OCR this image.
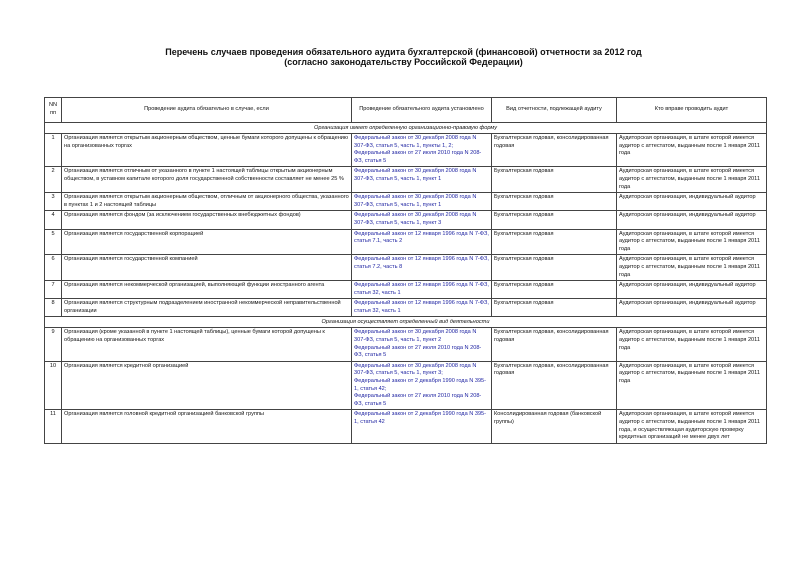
Перечень случаев проведения обязательного аудита бухгалтерской (финансовой) отчетности за 2012 год
(согласно законодательству Российской Федерации)
NN пп	Проведение аудита обязательно в случае, если	Проведение обязательного аудита установлено	Вид отчетности, подлежащей аудиту	Кто вправе проводить аудит
Организация имеет определенную организационно-правовую форму				
1	Организация является открытым акционерным обществом, ценные бумаги которого допущены к обращению на организованных торгах	Федеральный закон от 30 декабря 2008 года N 307-ФЗ, статья 5, часть 1, пункты 1, 2;
Федеральный закон от 27 июля 2010 года N 208-ФЗ, статья 5	Бухгалтерская годовая, консолидированная годовая	Аудиторская организация, в штате которой имеется аудитор с аттестатом, выданным после 1 января 2011 года
2	Организация является отличным от указанного в пункте 1 настоящей таблицы открытым акционерным обществом, в уставном капитале которого доля государственной собственности составляет не менее 25 %	Федеральный закон от 30 декабря 2008 года N 307-ФЗ, статья 5, часть 1, пункт 1	Бухгалтерская годовая	Аудиторская организация, в штате которой имеется аудитор с аттестатом, выданным после 1 января 2011 года
3	Организация является открытым акционерным обществом, отличным от акционерного общества, указанного в пунктах 1 и 2 настоящей таблицы	Федеральный закон от 30 декабря 2008 года N 307-ФЗ, статья 5, часть 1, пункт 1	Бухгалтерская годовая	Аудиторская организация, индивидуальный аудитор
4	Организация является фондом (за исключением государственных внебюджетных фондов)	Федеральный закон от 30 декабря 2008 года N 307-ФЗ, статья 5, часть 1, пункт 3	Бухгалтерская годовая	Аудиторская организация, индивидуальный аудитор
5	Организация является государственной корпорацией	Федеральный закон от 12 января 1996 года N 7-ФЗ, статья 7.1, часть 2	Бухгалтерская годовая	Аудиторская организация, в штате которой имеется аудитор с аттестатом, выданным после 1 января 2011 года
6	Организация является государственной компанией	Федеральный закон от 12 января 1996 года N 7-ФЗ, статья 7.2, часть 8	Бухгалтерская годовая	Аудиторская организация, в штате которой имеется аудитор с аттестатом, выданным после 1 января 2011 года
7	Организация является некоммерческой организацией, выполняющей функции иностранного агента	Федеральный закон от 12 января 1996 года N 7-ФЗ, статья 32, часть 1	Бухгалтерская годовая	Аудиторская организация, индивидуальный аудитор
8	Организация является структурным подразделением иностранной некоммерческой неправительственной организации	Федеральный закон от 12 января 1996 года N 7-ФЗ, статья 32, часть 1	Бухгалтерская годовая	Аудиторская организация, индивидуальный аудитор
Организация осуществляет определенный вид деятельности				
9	Организация (кроме указанной в пункте 1 настоящей таблицы), ценные бумаги которой допущены к обращению на организованных торгах	Федеральный закон от 30 декабря 2008 года N 307-ФЗ, статья 5, часть 1, пункт 2
Федеральный закон от 27 июля 2010 года N 208-ФЗ, статья 5	Бухгалтерская годовая, консолидированная годовая	Аудиторская организация, в штате которой имеется аудитор с аттестатом, выданным после 1 января 2011 года
10	Организация является кредитной организацией	Федеральный закон от 30 декабря 2008 года N 307-ФЗ, статья 5, часть 1, пункт 3;
Федеральный закон от 2 декабря 1990 года N 395-1, статья 42;
Федеральный закон от 27 июля 2010 года N 208-ФЗ, статья 5	Бухгалтерская годовая, консолидированная годовая	Аудиторская организация, в штате которой имеется аудитор с аттестатом, выданным после 1 января 2011 года
11	Организация является головной кредитной организацией банковской группы	Федеральный закон от 2 декабря 1990 года N 395-1, статья 42	Консолидированная годовая (банковской группы)	Аудиторская организация, в штате которой имеется аудитор с аттестатом, выданным после 1 января 2011 года, и осуществляющая аудиторскую проверку кредитных организаций не менее двух лет
